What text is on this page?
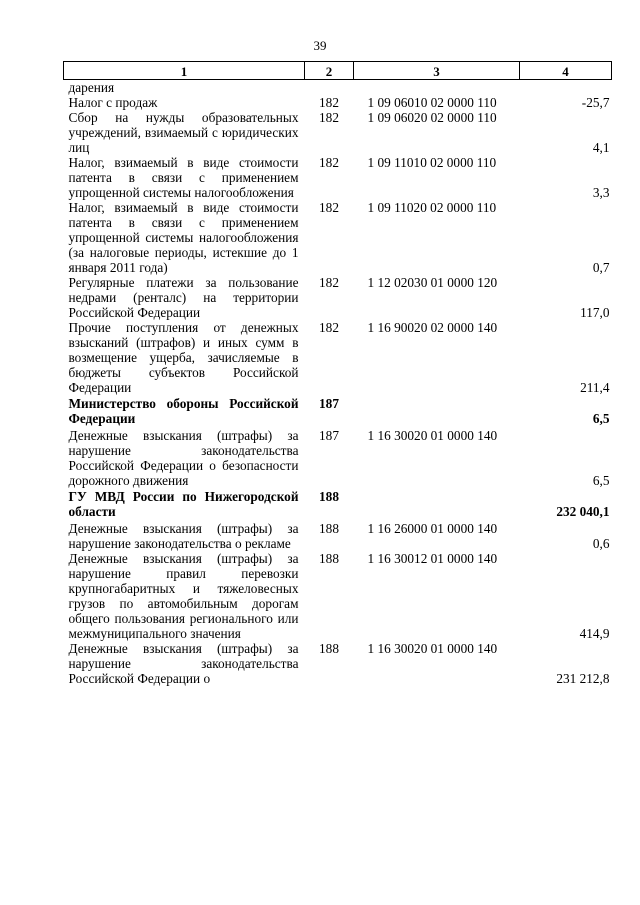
39
1	2	3	4
дарения			
Налог с продаж	182	1 09 06010 02 0000 110	-25,7
Сбор на нужды образовательных учреждений, взимаемый с юридических лиц	182	1 09 06020 02 0000 110	4,1
Налог, взимаемый в виде стоимости патента в связи с применением упрощенной системы налогообложения	182	1 09 11010 02 0000 110	3,3
Налог, взимаемый в виде стоимости патента в связи с применением упрощенной системы налогообложения (за налоговые периоды, истекшие до 1 января 2011 года)	182	1 09 11020 02 0000 110	0,7
Регулярные платежи за пользование недрами (ренталс) на территории Российской Федерации	182	1 12 02030 01 0000 120	117,0
Прочие поступления от денежных взысканий (штрафов) и иных сумм в возмещение ущерба, зачисляемые в бюджеты субъектов Российской Федерации	182	1 16 90020 02 0000 140	211,4
Министерство обороны Российской Федерации	187		6,5
Денежные взыскания (штрафы) за нарушение законодательства Российской Федерации о безопасности дорожного движения	187	1 16 30020 01 0000 140	6,5
ГУ МВД России по Нижегородской области	188		232 040,1
Денежные взыскания (штрафы) за нарушение законодательства о рекламе	188	1 16 26000 01 0000 140	0,6
Денежные взыскания (штрафы) за нарушение правил перевозки крупногабаритных и тяжеловесных грузов по автомобильным дорогам общего пользования регионального или межмуниципального значения	188	1 16 30012 01 0000 140	414,9
Денежные взыскания (штрафы) за нарушение законодательства Российской Федерации о	188	1 16 30020 01 0000 140	231 212,8
